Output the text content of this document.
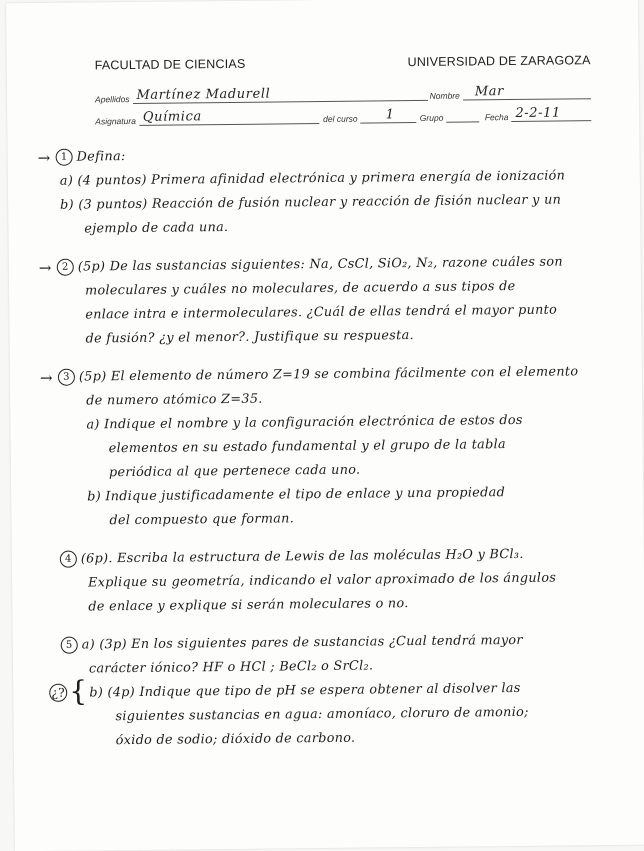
FACULTAD DE CIENCIAS	UNIVERSIDAD DE ZARAGOZA
Apellidos Martínez Madurell	Nombre	Mar
Asignatura Química	del curso 1	Grupo	Fecha 2-2-11
→ 1 Defina:
a) (4 puntos) Primera afinidad electrónica y primera energía de ionización
b) (3 puntos) Reacción de fusión nuclear y reacción de fisión nuclear y un
ejemplo de cada una.
→ 2 (5p) De las sustancias siguientes: Na, CsCl, SiO₂, N₂, razone cuáles son
moleculares y cuáles no moleculares, de acuerdo a sus tipos de
enlace intra e intermoleculares. ¿Cuál de ellas tendrá el mayor punto
de fusión? ¿y el menor?. Justifique su respuesta.
→ 3 (5p) El elemento de número Z=19 se combina fácilmente con el elemento
de numero atómico Z=35.
a) Indique el nombre y la configuración electrónica de estos dos
elementos en su estado fundamental y el grupo de la tabla
periódica al que pertenece cada uno.
b) Indique justificadamente el tipo de enlace y una propiedad
del compuesto que forman.
4 (6p). Escriba la estructura de Lewis de las moléculas H₂O y BCl₃.
Explique su geometría, indicando el valor aproximado de los ángulos
de enlace y explique si serán moleculares o no.
5 a) (3p) En los siguientes pares de sustancias ¿Cual tendrá mayor
carácter iónico? HF o HCl ; BeCl₂ o SrCl₂.
¿? { b) (4p) Indique que tipo de pH se espera obtener al disolver las
siguientes sustancias en agua: amoníaco, cloruro de amonio;
óxido de sodio; dióxido de carbono.
